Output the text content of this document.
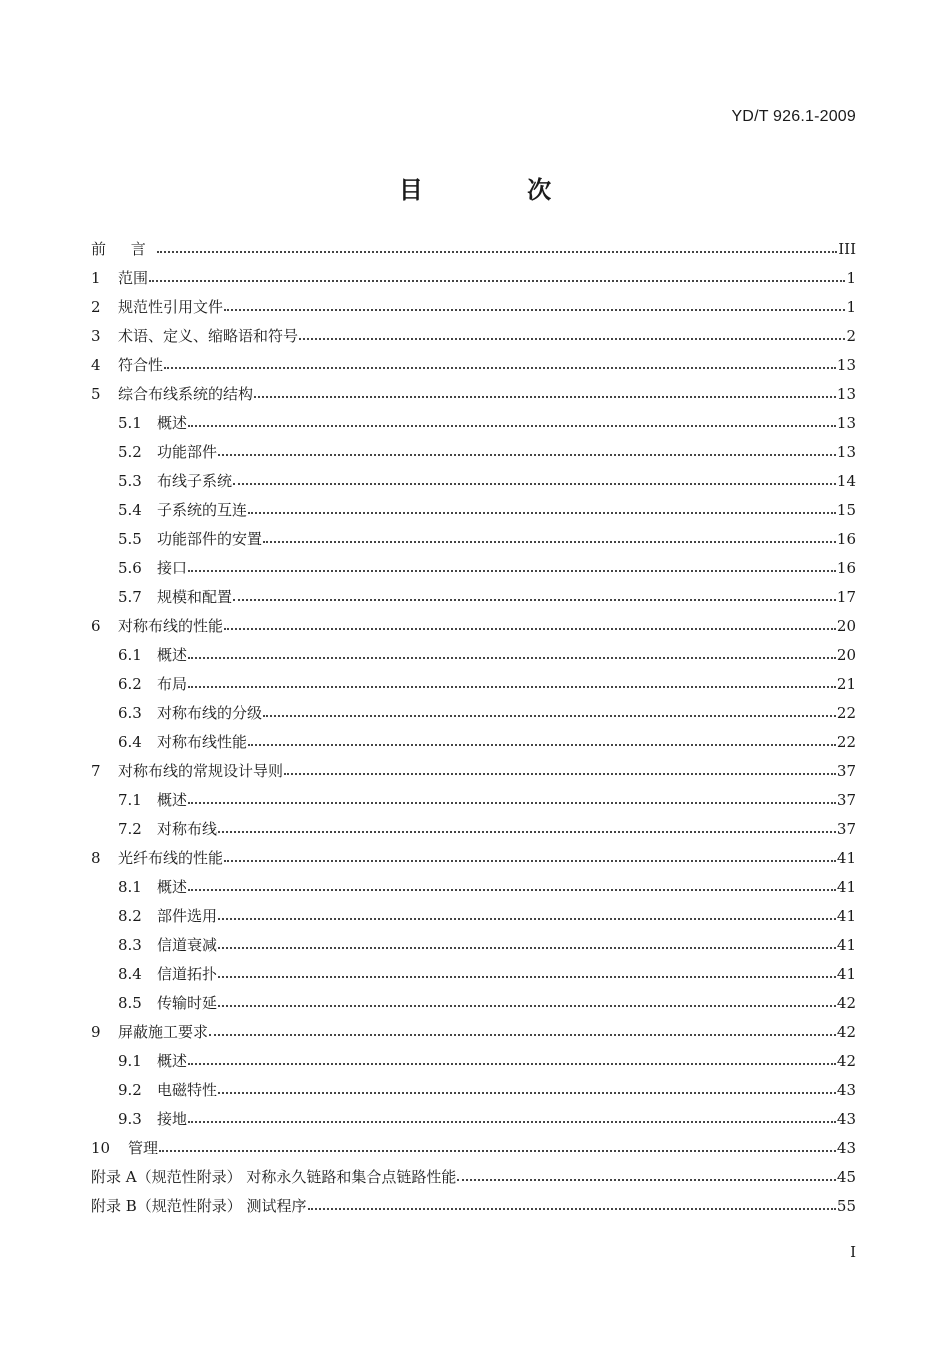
YD/T 926.1-2009
目 次
前 言	III
1	范围	1
2	规范性引用文件	1
3	术语、定义、缩略语和符号	2
4	符合性	13
5	综合布线系统的结构	13
5.1	概述	13
5.2	功能部件	13
5.3	布线子系统	14
5.4	子系统的互连	15
5.5	功能部件的安置	16
5.6	接口	16
5.7	规模和配置	17
6	对称布线的性能	20
6.1	概述	20
6.2	布局	21
6.3	对称布线的分级	22
6.4	对称布线性能	22
7	对称布线的常规设计导则	37
7.1	概述	37
7.2	对称布线	37
8	光纤布线的性能	41
8.1	概述	41
8.2	部件选用	41
8.3	信道衰减	41
8.4	信道拓扑	41
8.5	传输时延	42
9	屏蔽施工要求	42
9.1	概述	42
9.2	电磁特性	43
9.3	接地	43
10	管理	43
附录 A（规范性附录） 对称永久链路和集合点链路性能	45
附录 B（规范性附录） 测试程序	55
I
